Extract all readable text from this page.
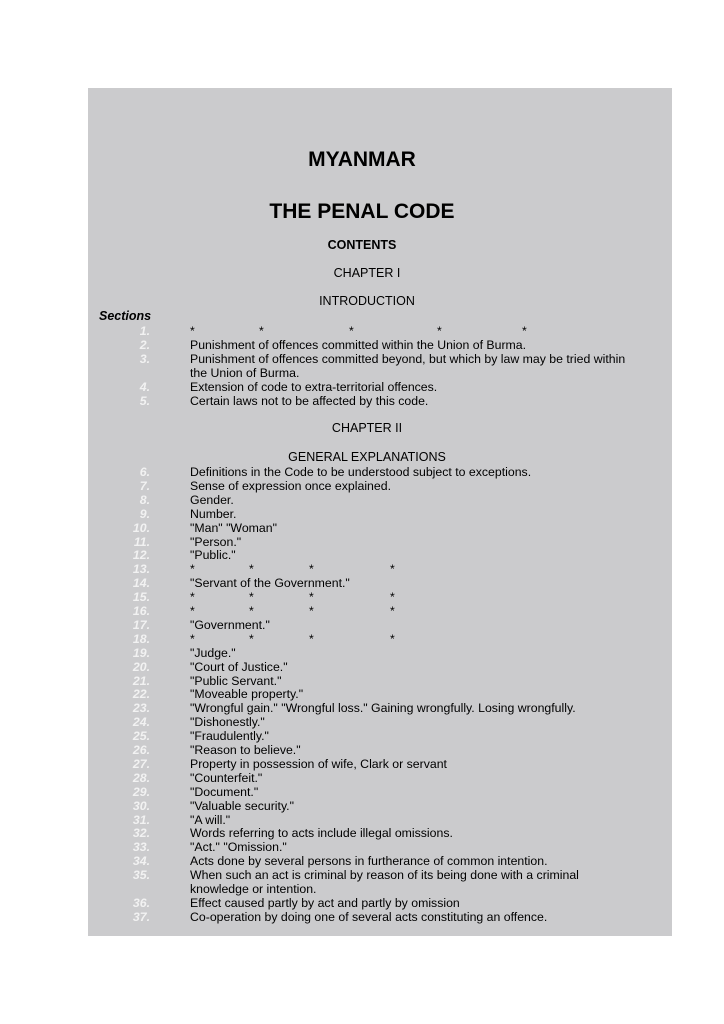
MYANMAR
THE PENAL CODE
CONTENTS
CHAPTER I
INTRODUCTION
Sections
CHAPTER II
GENERAL EXPLANATIONS
1.	*	*	*	*	*
2.	Punishment of offences committed within the Union of Burma.
3.	Punishment of offences committed beyond, but which by law may be tried within
the Union of Burma.
4.	Extension of code to extra-territorial offences.
5.	Certain laws not to be affected by this code.
6.	Definitions in the Code to be understood subject to exceptions.
7.	Sense of expression once explained.
8.	Gender.
9.	Number.
10.	"Man" "Woman"
11.	"Person."
12.	"Public."
13.	*	*	*	*
14.	"Servant of the Government."
15.	*	*	*	*
16.	*	*	*	*
17.	"Government."
18.	*	*	*	*
19.	"Judge."
20.	"Court of Justice."
21.	"Public Servant."
22.	"Moveable property."
23.	"Wrongful gain." "Wrongful loss." Gaining wrongfully. Losing wrongfully.
24.	"Dishonestly."
25.	"Fraudulently."
26.	"Reason to believe."
27.	Property in possession of wife, Clark or servant
28.	"Counterfeit."
29.	"Document."
30.	"Valuable security."
31.	"A will."
32.	Words referring to acts include illegal omissions.
33.	"Act." "Omission."
34.	Acts done by several persons in furtherance of common intention.
35.	When such an act is criminal by reason of its being done with a criminal
knowledge or intention.
36.	Effect caused partly by act and partly by omission
37.	Co-operation by doing one of several acts constituting an offence.
